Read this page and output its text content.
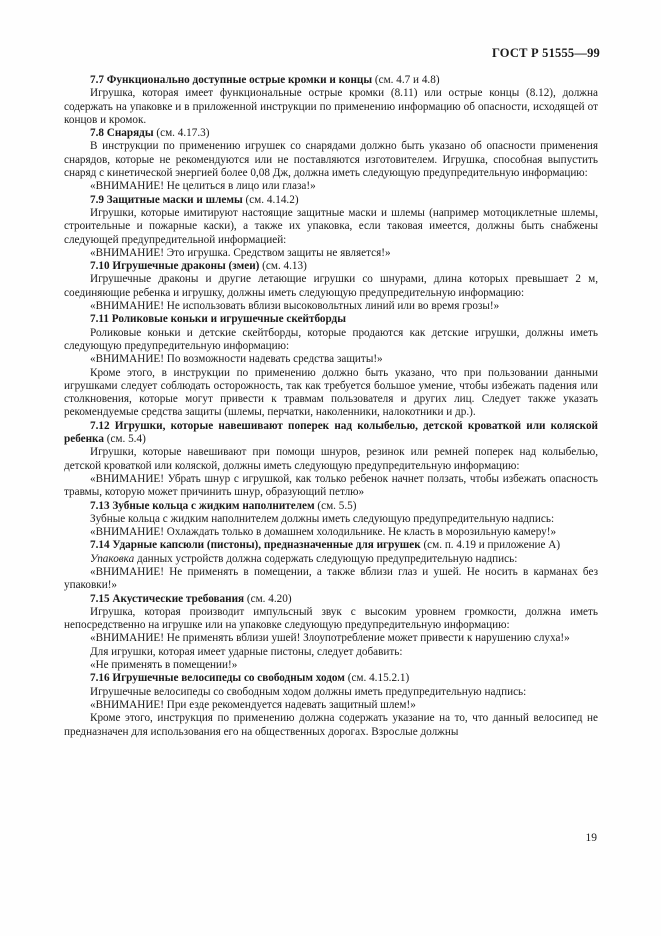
ГОСТ Р 51555—99

7.7 Функционально доступные острые кромки и концы (см. 4.7 и 4.8)

Игрушка, которая имеет функциональные острые кромки (8.11) или острые концы (8.12), должна содержать на упаковке и в приложенной инструкции по применению информацию об опасности, исходящей от концов и кромок.

7.8 Снаряды (см. 4.17.3)

В инструкции по применению игрушек со снарядами должно быть указано об опасности применения снарядов, которые не рекомендуются или не поставляются изготовителем. Игрушка, способная выпустить снаряд с кинетической энергией более 0,08 Дж, должна иметь следующую предупредительную информацию:

«ВНИМАНИЕ! Не целиться в лицо или глаза!»

7.9 Защитные маски и шлемы (см. 4.14.2)

Игрушки, которые имитируют настоящие защитные маски и шлемы (например мотоциклетные шлемы, строительные и пожарные каски), а также их упаковка, если таковая имеется, должны быть снабжены следующей предупредительной информацией:

«ВНИМАНИЕ! Это игрушка. Средством защиты не является!»

7.10 Игрушечные драконы (змеи) (см. 4.13)

Игрушечные драконы и другие летающие игрушки со шнурами, длина которых превышает 2 м, соединяющие ребенка и игрушку, должны иметь следующую предупредительную информацию:

«ВНИМАНИЕ! Не использовать вблизи высоковольтных линий или во время грозы!»

7.11 Роликовые коньки и игрушечные скейтборды

Роликовые коньки и детские скейтборды, которые продаются как детские игрушки, должны иметь следующую предупредительную информацию:

«ВНИМАНИЕ! По возможности надевать средства защиты!»

Кроме этого, в инструкции по применению должно быть указано, что при пользовании данными игрушками следует соблюдать осторожность, так как требуется большое умение, чтобы избежать падения или столкновения, которые могут привести к травмам пользователя и других лиц. Следует также указать рекомендуемые средства защиты (шлемы, перчатки, наколенники, налокотники и др.).

7.12 Игрушки, которые навешивают поперек над колыбелью, детской кроваткой или коляской ребенка (см. 5.4)

Игрушки, которые навешивают при помощи шнуров, резинок или ремней поперек над колыбелью, детской кроваткой или коляской, должны иметь следующую предупредительную информацию:

«ВНИМАНИЕ! Убрать шнур с игрушкой, как только ребенок начнет ползать, чтобы избежать опасность травмы, которую может причинить шнур, образующий петлю»

7.13 Зубные кольца с жидким наполнителем (см. 5.5)

Зубные кольца с жидким наполнителем должны иметь следующую предупредительную надпись:

«ВНИМАНИЕ! Охлаждать только в домашнем холодильнике. Не класть в морозильную камеру!»

7.14 Ударные капсюли (пистоны), предназначенные для игрушек (см. п. 4.19 и приложение А)

Упаковка данных устройств должна содержать следующую предупредительную надпись:

«ВНИМАНИЕ! Не применять в помещении, а также вблизи глаз и ушей. Не носить в карманах без упаковки!»

7.15 Акустические требования (см. 4.20)

Игрушка, которая производит импульсный звук с высоким уровнем громкости, должна иметь непосредственно на игрушке или на упаковке следующую предупредительную информацию:

«ВНИМАНИЕ! Не применять вблизи ушей! Злоупотребление может привести к нарушению слуха!»

Для игрушки, которая имеет ударные пистоны, следует добавить:

«Не применять в помещении!»

7.16 Игрушечные велосипеды со свободным ходом (см. 4.15.2.1)

Игрушечные велосипеды со свободным ходом должны иметь предупредительную надпись:

«ВНИМАНИЕ! При езде рекомендуется надевать защитный шлем!»

Кроме этого, инструкция по применению должна содержать указание на то, что данный велосипед не предназначен для использования его на общественных дорогах. Взрослые должны

19
